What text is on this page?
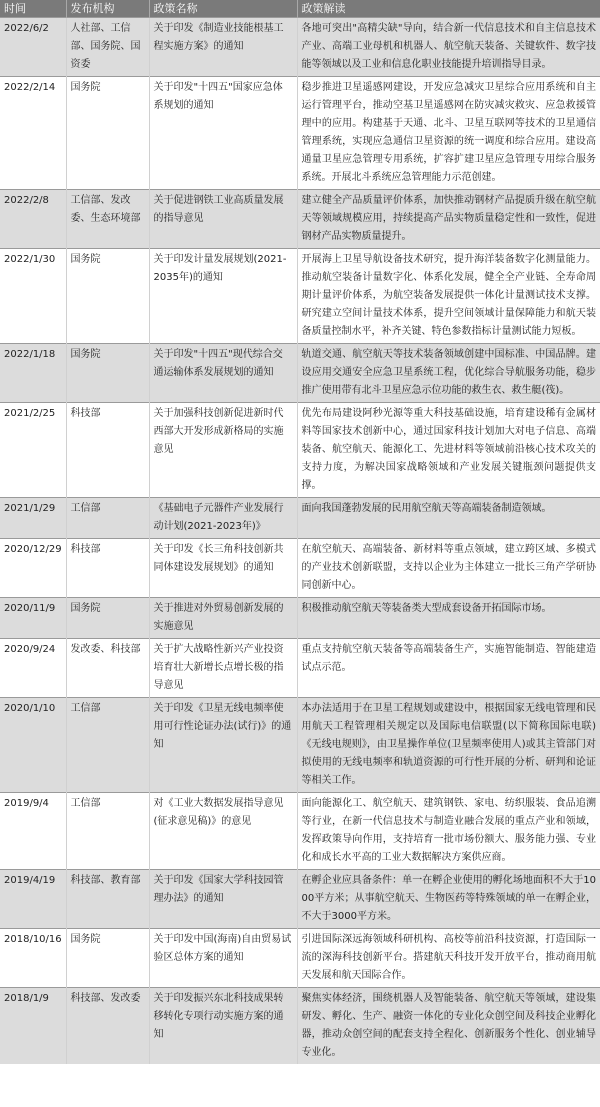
时间	发布机构	政策名称	政策解读
2022/6/2	人社部、工信部、国务院、国资委	关于印发《制造业技能根基工程实施方案》的通知	各地可突出"高精尖缺"导向，结合新一代信息技术和自主信息技术产业、高端工业母机和机器人、航空航天装备、关键软件、数字技能等领域以及工业和信息化职业技能提升培训指导目录。
2022/2/14	国务院	关于印发"十四五"国家应急体系规划的通知	稳步推进卫星遥感网建设，开发应急减灾卫星综合应用系统和自主运行管理平台，推动空基卫星遥感网在防灾减灾救灾、应急救援管理中的应用。构建基于天通、北斗、卫星互联网等技术的卫星通信管理系统，实现应急通信卫星资源的统一调度和综合应用。建设高通量卫星应急管理专用系统，扩容扩建卫星应急管理专用综合服务系统。开展北斗系统应急管理能力示范创建。
2022/2/8	工信部、发改委、生态环境部	关于促进钢铁工业高质量发展的指导意见	建立健全产品质量评价体系，加快推动钢材产品提质升级在航空航天等领域规模应用，持续提高产品实物质量稳定性和一致性，促进钢材产品实物质量提升。
2022/1/30	国务院	关于印发计量发展规划(2021-2035年)的通知	开展海上卫星导航设备技术研究，提升海洋装备数字化测量能力。推动航空装备计量数字化、体系化发展，健全全产业链、全寿命周期计量评价体系，为航空装备发展提供一体化计量测试技术支撑。研究建立空间计量技术体系，提升空间领域计量保障能力和航天装备质量控制水平，补齐关键、特色参数指标计量测试能力短板。
2022/1/18	国务院	关于印发"十四五"现代综合交通运输体系发展规划的通知	轨道交通、航空航天等技术装备领域创建中国标准、中国品牌。建设应用交通安全应急卫星系统工程，优化综合导航服务功能，稳步推广使用带有北斗卫星应急示位功能的救生衣、救生艇(筏)。
2021/2/25	科技部	关于加强科技创新促进新时代西部大开发形成新格局的实施意见	优先布局建设阿秒光源等重大科技基础设施，培育建设稀有金属材料等国家技术创新中心，通过国家科技计划加大对电子信息、高端装备、航空航天、能源化工、先进材料等领域前沿核心技术攻关的支持力度，为解决国家战略领域和产业发展关键瓶颈问题提供支撑。
2021/1/29	工信部	《基础电子元器件产业发展行动计划(2021-2023年)》	面向我国蓬勃发展的民用航空航天等高端装备制造领域。
2020/12/29	科技部	关于印发《长三角科技创新共同体建设发展规划》的通知	在航空航天、高端装备、新材料等重点领域，建立跨区域、多模式的产业技术创新联盟，支持以企业为主体建立一批长三角产学研协同创新中心。
2020/11/9	国务院	关于推进对外贸易创新发展的实施意见	积极推动航空航天等装备类大型成套设备开拓国际市场。
2020/9/24	发改委、科技部	关于扩大战略性新兴产业投资培育壮大新增长点增长极的指导意见	重点支持航空航天装备等高端装备生产，实施智能制造、智能建造试点示范。
2020/1/10	工信部	关于印发《卫星无线电频率使用可行性论证办法(试行)》的通知	本办法适用于在卫星工程规划或建设中，根据国家无线电管理和民用航天工程管理相关规定以及国际电信联盟(以下简称国际电联)《无线电规则》，由卫星操作单位(卫星频率使用人)或其主管部门对拟使用的无线电频率和轨道资源的可行性开展的分析、研判和论证等相关工作。
2019/9/4	工信部	对《工业大数据发展指导意见(征求意见稿)》的意见	面向能源化工、航空航天、建筑钢铁、家电、纺织服装、食品追溯等行业，在新一代信息技术与制造业融合发展的重点产业和领域，发挥政策导向作用，支持培育一批市场份额大、服务能力强、专业化和成长水平高的工业大数据解决方案供应商。
2019/4/19	科技部、教育部	关于印发《国家大学科技园管理办法》的通知	在孵企业应具备条件：单一在孵企业使用的孵化场地面积不大于1000平方米；从事航空航天、生物医药等特殊领域的单一在孵企业，不大于3000平方米。
2018/10/16	国务院	关于印发中国(海南)自由贸易试验区总体方案的通知	引进国际深远海领域科研机构、高校等前沿科技资源，打造国际一流的深海科技创新平台。搭建航天科技开发开放平台，推动商用航天发展和航天国际合作。
2018/1/9	科技部、发改委	关于印发振兴东北科技成果转移转化专项行动实施方案的通知	聚焦实体经济，围绕机器人及智能装备、航空航天等领域，建设集研发、孵化、生产、融资一体化的专业化众创空间及科技企业孵化器，推动众创空间的配套支持全程化、创新服务个性化、创业辅导专业化。
